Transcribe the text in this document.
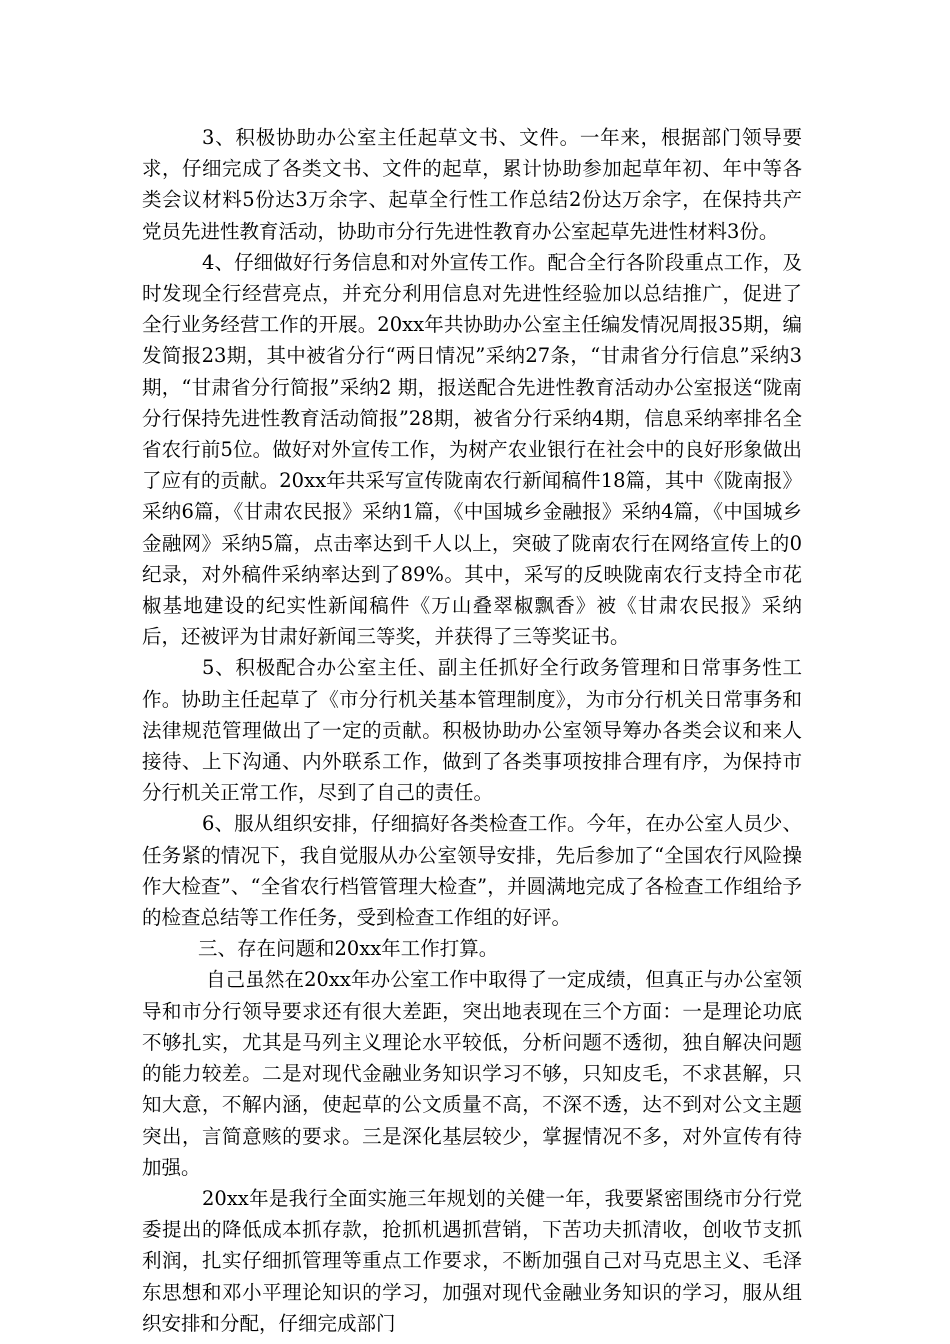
3、积极协助办公室主任起草文书、文件。一年来，根据部门领导要求，仔细完成了各类文书、文件的起草，累计协助参加起草年初、年中等各类会议材料5份达3万余字、起草全行性工作总结2份达万余字，在保持共产党员先进性教育活动，协助市分行先进性教育办公室起草先进性材料3份。

4、仔细做好行务信息和对外宣传工作。配合全行各阶段重点工作，及时发现全行经营亮点，并充分利用信息对先进性经验加以总结推广，促进了全行业务经营工作的开展。20xx年共协助办公室主任编发情况周报35期，编发简报23期，其中被省分行“两日情况”采纳27条，“甘肃省分行信息”采纳3期，“甘肃省分行简报”采纳2 期，报送配合先进性教育活动办公室报送“陇南分行保持先进性教育活动简报”28期，被省分行采纳4期，信息采纳率排名全省农行前5位。做好对外宣传工作，为树产农业银行在社会中的良好形象做出了应有的贡献。20xx年共采写宣传陇南农行新闻稿件18篇，其中《陇南报》采纳6篇，《甘肃农民报》采纳1篇，《中国城乡金融报》采纳4篇，《中国城乡金融网》采纳5篇，点击率达到千人以上，突破了陇南农行在网络宣传上的0纪录，对外稿件采纳率达到了89%。其中，采写的反映陇南农行支持全市花椒基地建设的纪实性新闻稿件《万山叠翠椒飘香》被《甘肃农民报》采纳后，还被评为甘肃好新闻三等奖，并获得了三等奖证书。

5、积极配合办公室主任、副主任抓好全行政务管理和日常事务性工作。协助主任起草了《市分行机关基本管理制度》，为市分行机关日常事务和法律规范管理做出了一定的贡献。积极协助办公室领导筹办各类会议和来人接待、上下沟通、内外联系工作，做到了各类事项按排合理有序，为保持市分行机关正常工作，尽到了自己的责任。

6、服从组织安排，仔细搞好各类检查工作。今年，在办公室人员少、任务紧的情况下，我自觉服从办公室领导安排，先后参加了“全国农行风险操作大检查”、“全省农行档管管理大检查”，并圆满地完成了各检查工作组给予的检查总结等工作任务，受到检查工作组的好评。

三、存在问题和20xx年工作打算。

自己虽然在20xx年办公室工作中取得了一定成绩，但真正与办公室领导和市分行领导要求还有很大差距，突出地表现在三个方面：一是理论功底不够扎实，尤其是马列主义理论水平较低，分析问题不透彻，独自解决问题的能力较差。二是对现代金融业务知识学习不够，只知皮毛，不求甚解，只知大意，不解内涵，使起草的公文质量不高，不深不透，达不到对公文主题突出，言简意赅的要求。三是深化基层较少，掌握情况不多，对外宣传有待加强。

20xx年是我行全面实施三年规划的关健一年，我要紧密围绕市分行党委提出的降低成本抓存款，抢抓机遇抓营销，下苦功夫抓清收，创收节支抓利润，扎实仔细抓管理等重点工作要求，不断加强自己对马克思主义、毛泽东思想和邓小平理论知识的学习，加强对现代金融业务知识的学习，服从组织安排和分配，仔细完成部门
